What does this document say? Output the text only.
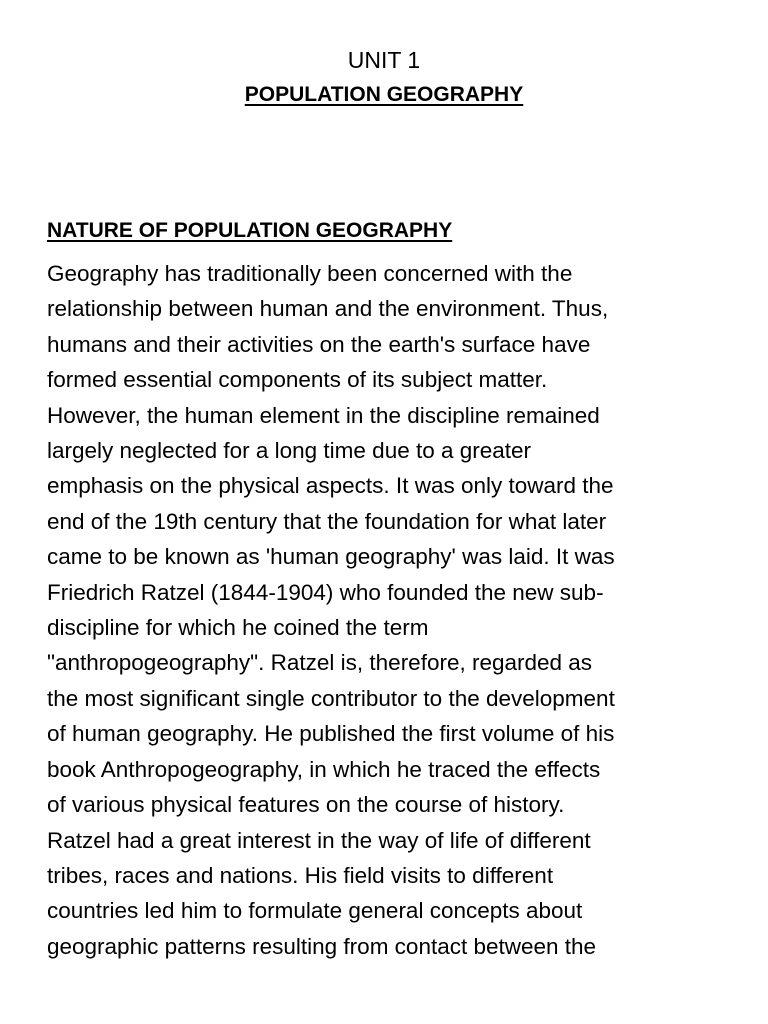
UNIT 1
POPULATION GEOGRAPHY
NATURE OF POPULATION GEOGRAPHY
Geography has traditionally been concerned with the
relationship between human and the environment. Thus,
humans and their activities on the earth's surface have
formed essential components of its subject matter.
However, the human element in the discipline remained
largely neglected for a long time due to a greater
emphasis on the physical aspects. It was only toward the
end of the 19th century that the foundation for what later
came to be known as 'human geography' was laid. It was
Friedrich Ratzel (1844-1904) who founded the new sub-
discipline for which he coined the term
"anthropogeography". Ratzel is, therefore, regarded as
the most significant single contributor to the development
of human geography. He published the first volume of his
book Anthropogeography, in which he traced the effects
of various physical features on the course of history.
Ratzel had a great interest in the way of life of different
tribes, races and nations. His field visits to different
countries led him to formulate general concepts about
geographic patterns resulting from contact between the
